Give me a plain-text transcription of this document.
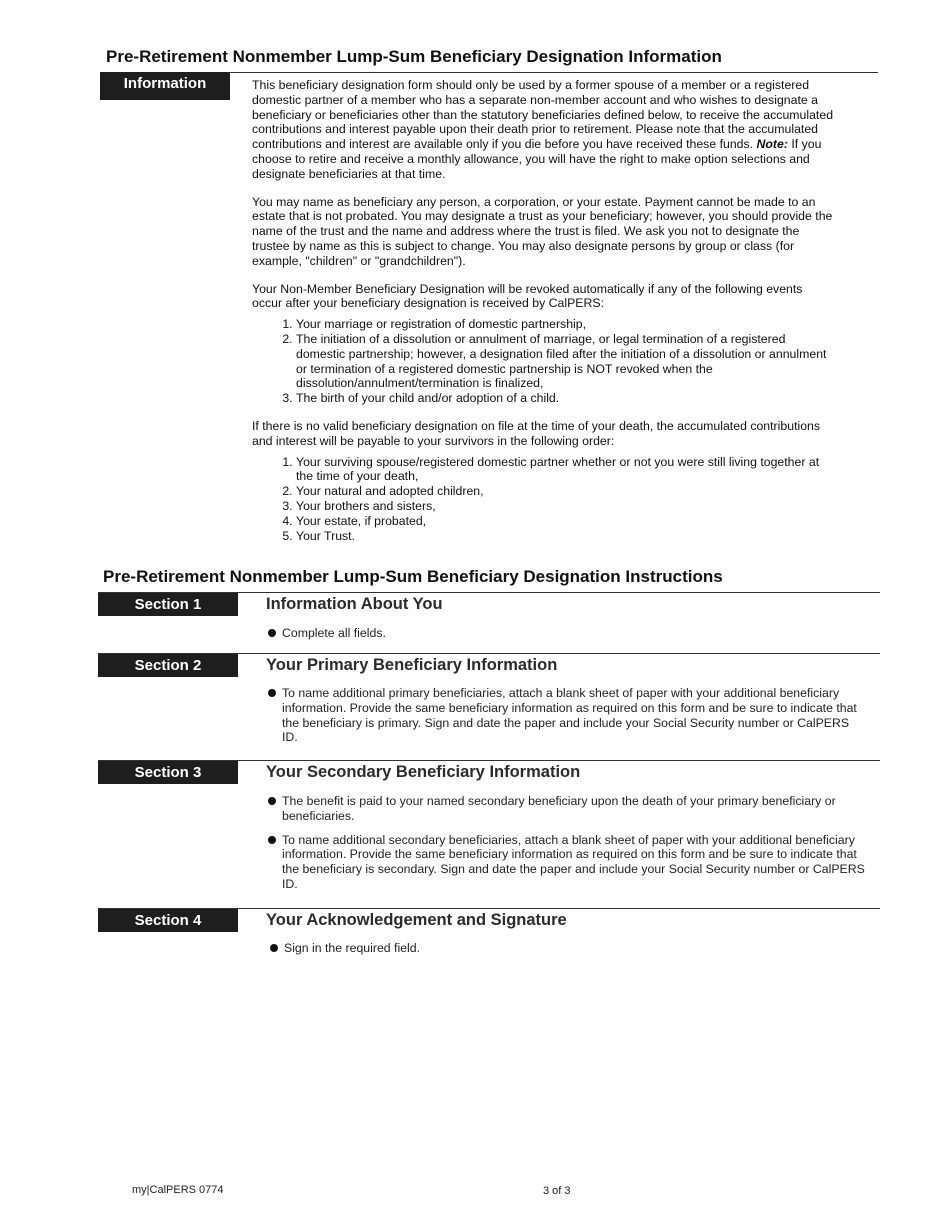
Pre-Retirement Nonmember Lump-Sum Beneficiary Designation Information
Information	This beneficiary designation form should only be used by a former spouse of a member or a registered domestic partner of a member who has a separate non-member account and who wishes to designate a beneficiary or beneficiaries other than the statutory beneficiaries defined below, to receive the accumulated contributions and interest payable upon their death prior to retirement. Please note that the accumulated contributions and interest are available only if you die before you have received these funds. Note: If you choose to retire and receive a monthly allowance, you will have the right to make option selections and designate beneficiaries at that time.

You may name as beneficiary any person, a corporation, or your estate. Payment cannot be made to an estate that is not probated. You may designate a trust as your beneficiary; however, you should provide the name of the trust and the name and address where the trust is filed. We ask you not to designate the trustee by name as this is subject to change. You may also designate persons by group or class (for example, "children" or "grandchildren").

Your Non-Member Beneficiary Designation will be revoked automatically if any of the following events occur after your beneficiary designation is received by CalPERS:

1. Your marriage or registration of domestic partnership,
2. The initiation of a dissolution or annulment of marriage, or legal termination of a registered domestic partnership; however, a designation filed after the initiation of a dissolution or annulment or termination of a registered domestic partnership is NOT revoked when the dissolution/annulment/termination is finalized,
3. The birth of your child and/or adoption of a child.

If there is no valid beneficiary designation on file at the time of your death, the accumulated contributions and interest will be payable to your survivors in the following order:

1. Your surviving spouse/registered domestic partner whether or not you were still living together at the time of your death,
2. Your natural and adopted children,
3. Your brothers and sisters,
4. Your estate, if probated,
5. Your Trust.
Pre-Retirement Nonmember Lump-Sum Beneficiary Designation Instructions
Section 1	Information About You
Complete all fields.
Section 2	Your Primary Beneficiary Information
To name additional primary beneficiaries, attach a blank sheet of paper with your additional beneficiary information. Provide the same beneficiary information as required on this form and be sure to indicate that the beneficiary is primary. Sign and date the paper and include your Social Security number or CalPERS ID.
Section 3	Your Secondary Beneficiary Information
The benefit is paid to your named secondary beneficiary upon the death of your primary beneficiary or beneficiaries.
To name additional secondary beneficiaries, attach a blank sheet of paper with your additional beneficiary information. Provide the same beneficiary information as required on this form and be sure to indicate that the beneficiary is secondary. Sign and date the paper and include your Social Security number or CalPERS ID.
Section 4	Your Acknowledgement and Signature
Sign in the required field.
my|CalPERS 0774	3 of 3
